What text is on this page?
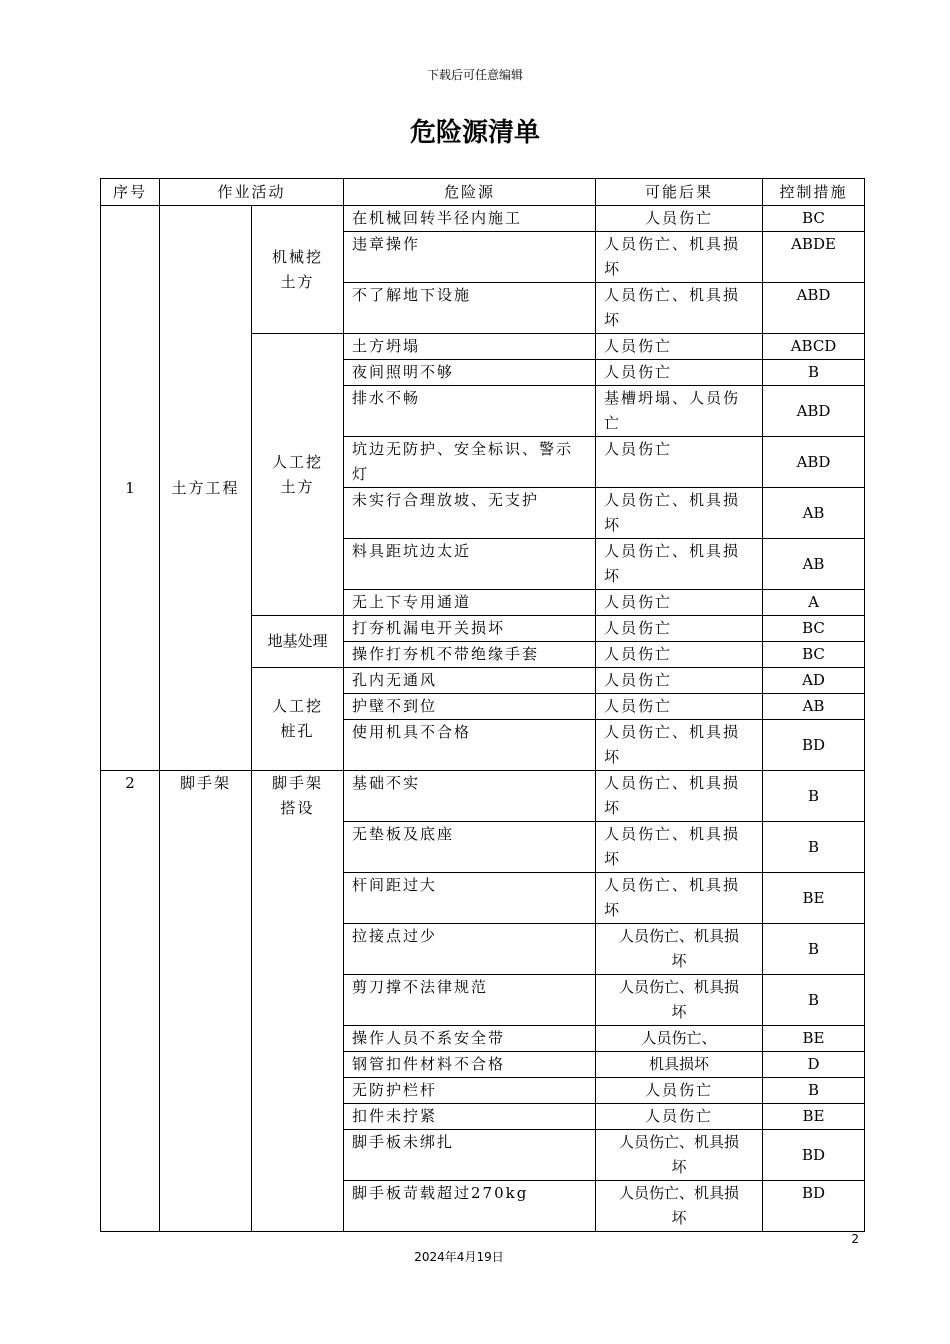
下载后可任意编辑
危险源清单
序号	作业活动		危险源	可能后果	控制措施
1	土方工程	机械挖土方	在机械回转半径内施工	人员伤亡	BC
			违章操作	人员伤亡、机具损坏	ABDE
			不了解地下设施	人员伤亡、机具损坏	ABD
		人工挖土方	土方坍塌	人员伤亡	ABCD
			夜间照明不够	人员伤亡	B
			排水不畅	基槽坍塌、人员伤亡	ABD
			坑边无防护、安全标识、警示灯	人员伤亡	ABD
			未实行合理放坡、无支护	人员伤亡、机具损坏	AB
			料具距坑边太近	人员伤亡、机具损坏	AB
			无上下专用通道	人员伤亡	A
		地基处理	打夯机漏电开关损坏	人员伤亡	BC
			操作打夯机不带绝缘手套	人员伤亡	BC
		人工挖桩孔	孔内无通风	人员伤亡	AD
			护壁不到位	人员伤亡	AB
			使用机具不合格	人员伤亡、机具损坏	BD
2	脚手架	脚手架搭设	基础不实	人员伤亡、机具损坏	B
			无垫板及底座	人员伤亡、机具损坏	B
			杆间距过大	人员伤亡、机具损坏	BE
			拉接点过少	人员伤亡、机具损坏	B
			剪刀撑不法律规范	人员伤亡、机具损坏	B
			操作人员不系安全带	人员伤亡、	BE
			钢管扣件材料不合格	机具损坏	D
			无防护栏杆	人员伤亡	B
			扣件未拧紧	人员伤亡	BE
			脚手板未绑扎	人员伤亡、机具损坏	BD
			脚手板苛载超过270kg	人员伤亡、机具损坏	BD
2
2024年4月19日
